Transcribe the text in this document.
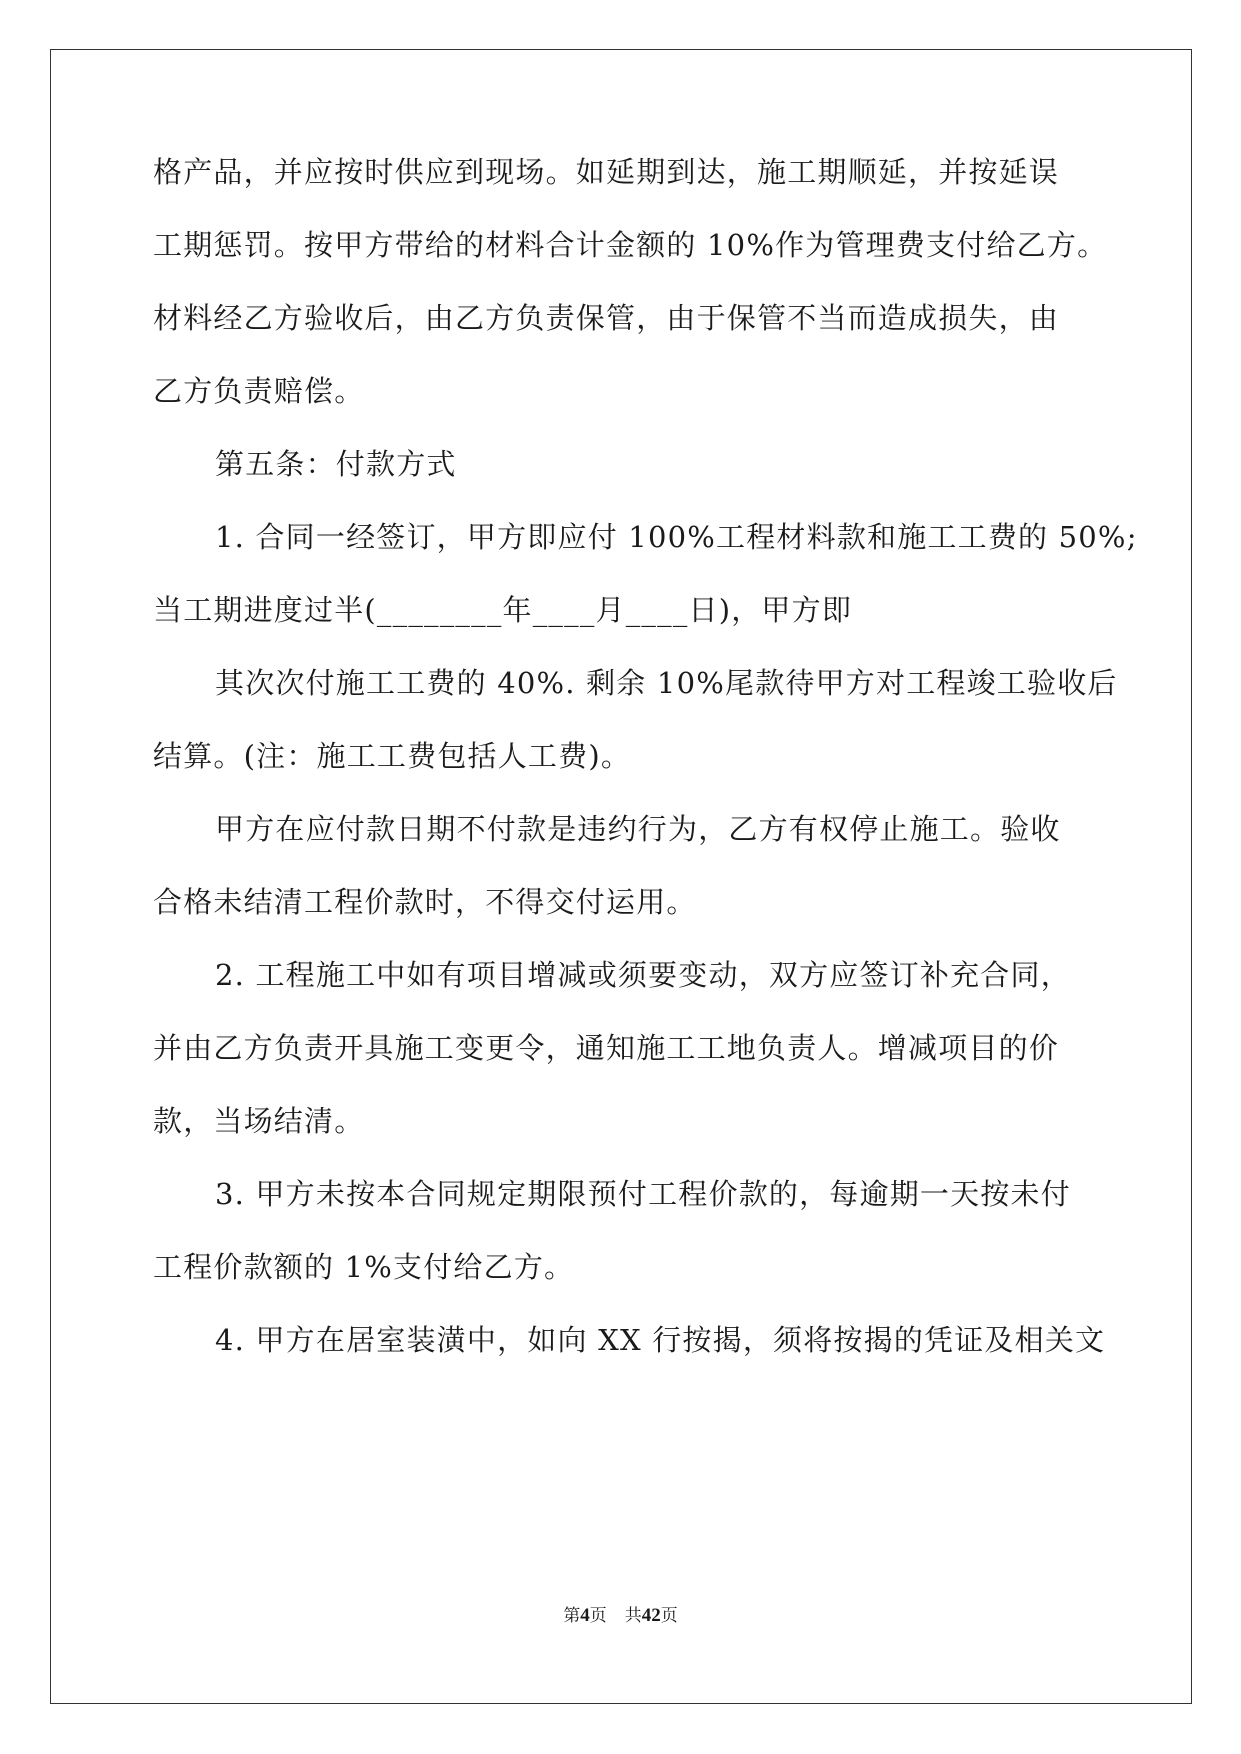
格产品，并应按时供应到现场。如延期到达，施工期顺延，并按延误
工期惩罚。按甲方带给的材料合计金额的 10%作为管理费支付给乙方。
材料经乙方验收后，由乙方负责保管，由于保管不当而造成损失，由
乙方负责赔偿。
第五条：付款方式
1. 合同一经签订，甲方即应付 100%工程材料款和施工工费的 50%;
当工期进度过半(________年____月____日)，甲方即
其次次付施工工费的 40%. 剩余 10%尾款待甲方对工程竣工验收后
结算。(注：施工工费包括人工费)。
甲方在应付款日期不付款是违约行为，乙方有权停止施工。验收
合格未结清工程价款时，不得交付运用。
2. 工程施工中如有项目增减或须要变动，双方应签订补充合同，
并由乙方负责开具施工变更令，通知施工工地负责人。增减项目的价
款，当场结清。
3. 甲方未按本合同规定期限预付工程价款的，每逾期一天按未付
工程价款额的 1%支付给乙方。
4. 甲方在居室装潢中，如向 XX 行按揭，须将按揭的凭证及相关文
第4页 共42页
